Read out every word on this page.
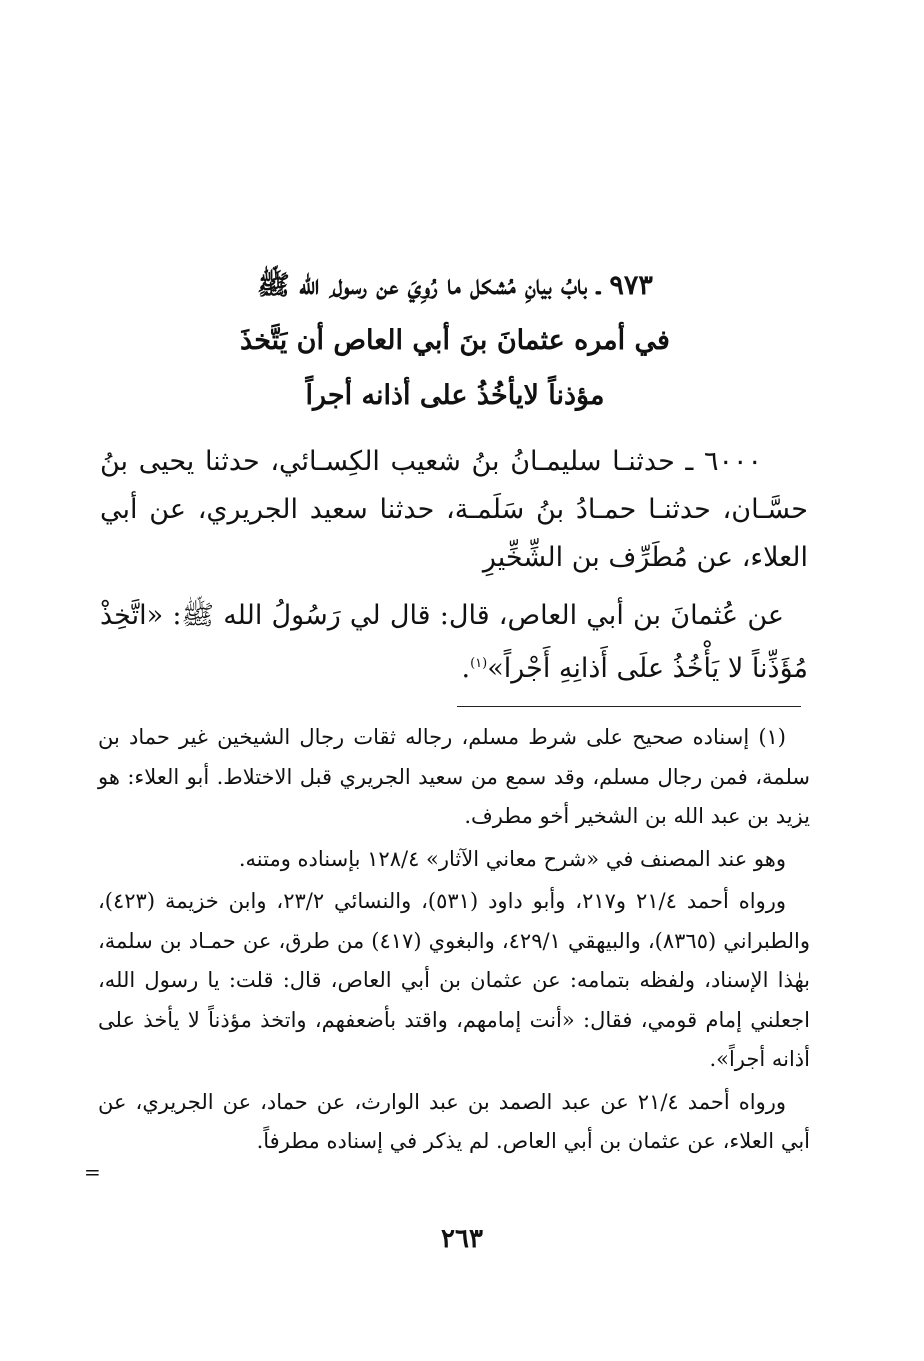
٩٧٣ ـ بابُ بيانِ مُشكل ما رُوِيَ عن رسول ِ الله ﷺ
في أمره عثمانَ بنَ أبي العاص أن يَتَّخذَ
مؤذناً لايأخُذُ على أذانه أجراً

٦٠٠٠ ـ حدثنـا سليمـانُ بنُ شعيب الكِسـائي، حدثنا يحيى بنُ حسَّـان، حدثنـا حمـادُ بنُ سَلَمـة، حدثنا سعيد الجريري، عن أبي العلاء، عن مُطَرِّف بن الشِّخِّيرِ

عن عُثمانَ بن أبي العاص، قال: قال لي رَسُولُ الله ﷺ: «اتَّخِذْ مُؤَذِّناً لا يَأْخُذُ علَى أَذانِهِ أَجْراً»$^{(١)}$.

(١) إسناده صحيح على شرط مسلم، رجاله ثقات رجال الشيخين غير حماد بن سلمة، فمن رجال مسلم، وقد سمع من سعيد الجريري قبل الاختلاط. أبو العلاء: هو يزيد بن عبد الله بن الشخير أخو مطرف.

وهو عند المصنف في «شرح معاني الآثار» ١٢٨/٤ بإسناده ومتنه.

ورواه أحمد ٢١/٤ و٢١٧، وأبو داود (٥٣١)، والنسائي ٢٣/٢، وابن خزيمة (٤٢٣)، والطبراني (٨٣٦٥)، والبيهقي ٤٢٩/١، والبغوي (٤١٧) من طرق، عن حمـاد بن سلمة، بهٰذا الإسناد، ولفظه بتمامه: عن عثمان بن أبي العاص، قال: قلت: يا رسول الله، اجعلني إمام قومي، فقال: «أنت إمامهم، واقتد بأضعفهم، واتخذ مؤذناً لا يأخذ على أذانه أجراً».

ورواه أحمد ٢١/٤ عن عبد الصمد بن عبد الوارث، عن حماد، عن الجريري، عن أبي العلاء، عن عثمان بن أبي العاص. لم يذكر في إسناده مطرفاً.

=
٢٦٣
